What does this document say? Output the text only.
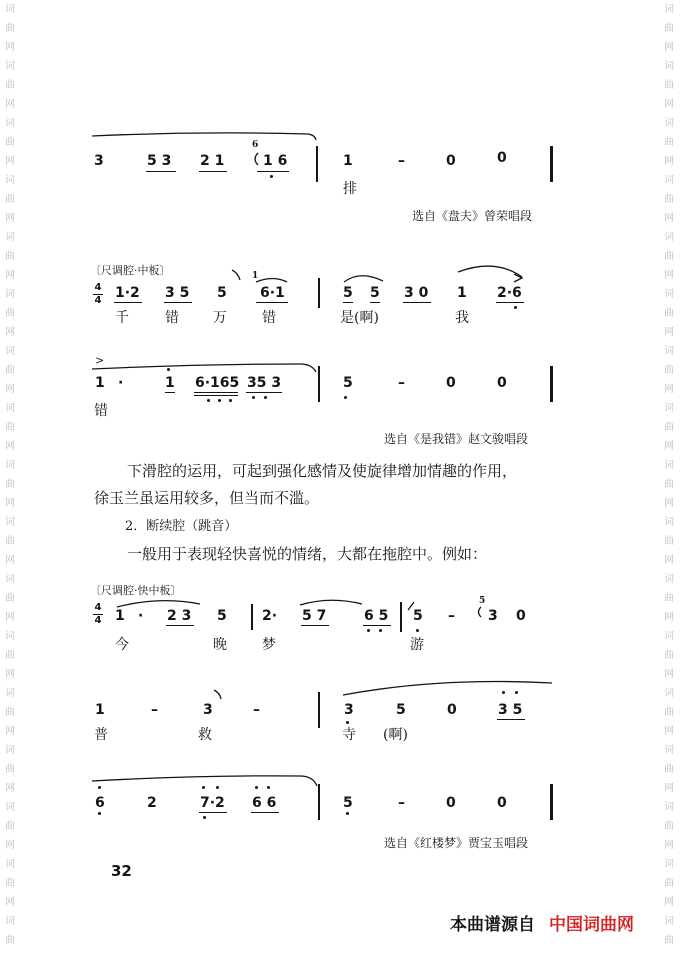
词
曲
网
词
曲
网
词
曲
网
词
曲
网
词
曲
网
词
曲
网
词
曲
网
词
曲
网
词
曲
网
词
曲
网
词
曲
网
词
曲
网
词
曲
网
词
曲
网
词
曲
网
词
曲
网
词
曲
词
曲
网
词
曲
网
词
曲
网
词
曲
网
词
曲
网
词
曲
网
词
曲
网
词
曲
网
词
曲
网
词
曲
网
词
曲
网
词
曲
网
词
曲
网
词
曲
网
词
曲
网
词
曲
网
词
曲
3	5 3 2 1	1 6
6
1	–	0	0
排
选自《盘夫》曾荣唱段
〔尺调腔·中板〕
4
4 1·2 3 5 5 6·1
1
5 5 3 0 1 2·6
千	错 万	错	是(啊)	我
>
1 ·	1 6·165 35 3	5	–	0	0
错
选自《是我错》赵文骏唱段
下滑腔的运用，可起到强化感情及使旋律增加情趣的作用，
徐玉兰虽运用较多，但当而不滥。
2．断续腔（跳音）
一般用于表现轻快喜悦的情绪，大都在拖腔中。例如：
〔尺调腔·快中板〕
4
4 1 · 2 3 5	2· 5 7	6 5 5 – 3 0
5
今	晚	梦	游
1	–	3	–	3	5	0	3 5
普	救	寺 (啊)
6	2	7·2 6 6	5	–	0	0
选自《红楼梦》贾宝玉唱段
32
本曲谱源自 中国词曲网
